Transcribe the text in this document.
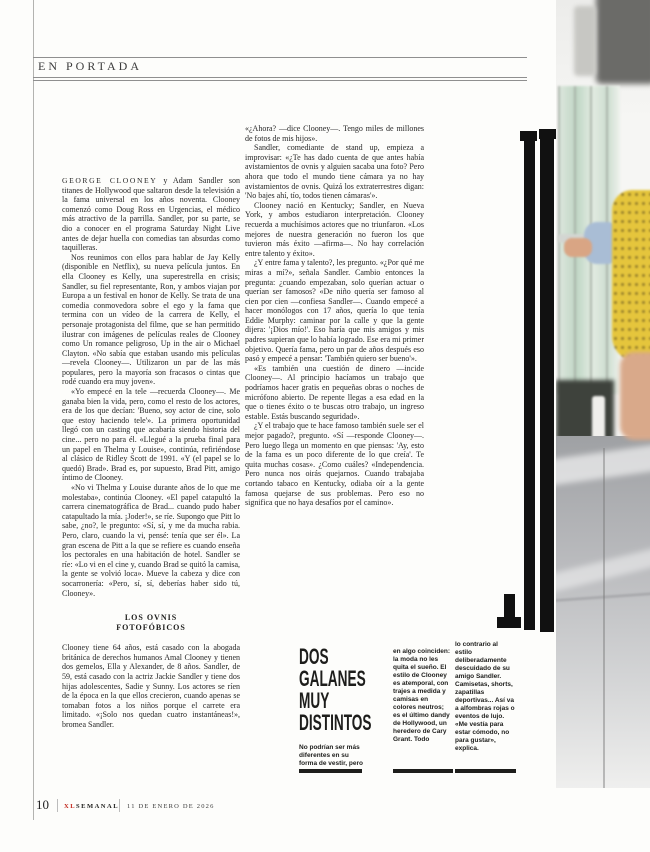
EN PORTADA

GEORGE CLOONEY y Adam Sandler son titanes de Hollywood que saltaron desde la televisión a la fama universal en los años noventa. Clooney comenzó como Doug Ross en Urgencias, el médico más atractivo de la parrilla. Sandler, por su parte, se dio a conocer en el programa Saturday Night Live antes de dejar huella con comedias tan absurdas como taquilleras.

Nos reunimos con ellos para hablar de Jay Kelly (disponible en Netflix), su nueva película juntos. En ella Clooney es Kelly, una superestrella en crisis; Sandler, su fiel representante, Ron, y ambos viajan por Europa a un festival en honor de Kelly. Se trata de una comedia conmovedora sobre el ego y la fama que termina con un vídeo de la carrera de Kelly, el personaje protagonista del filme, que se han permitido ilustrar con imágenes de películas reales de Clooney como Un romance peligroso, Up in the air o Michael Clayton. «No sabía que estaban usando mis películas —revela Clooney—. Utilizaron un par de las más populares, pero la mayoría son fracasos o cintas que rodé cuando era muy joven».

«Yo empecé en la tele —recuerda Clooney—. Me ganaba bien la vida, pero, como el resto de los actores, era de los que decían: 'Bueno, soy actor de cine, solo que estoy haciendo tele'». La primera oportunidad llegó con un casting que acabaría siendo historia del cine... pero no para él. «Llegué a la prueba final para un papel en Thelma y Louise», continúa, refiriéndose al clásico de Ridley Scott de 1991. «Y (el papel se lo quedó) Brad». Brad es, por supuesto, Brad Pitt, amigo íntimo de Clooney.

«No vi Thelma y Louise durante años de lo que me molestaba», continúa Clooney. «El papel catapultó la carrera cinematográfica de Brad... cuando pudo haber catapultado la mía. ¡Joder!», se ríe. Supongo que Pitt lo sabe, ¿no?, le pregunto: «Sí, sí, y me da mucha rabia. Pero, claro, cuando la vi, pensé: tenía que ser él». La gran escena de Pitt a la que se refiere es cuando enseña los pectorales en una habitación de hotel. Sandler se ríe: «Lo vi en el cine y, cuando Brad se quitó la camisa, la gente se volvió loca». Mueve la cabeza y dice con socarronería: «Pero, sí, sí, deberías haber sido tú, Clooney».

LOS OVNIS
FOTOFÓBICOS

Clooney tiene 64 años, está casado con la abogada británica de derechos humanos Amal Clooney y tienen dos gemelos, Ella y Alexander, de 8 años. Sandler, de 59, está casado con la actriz Jackie Sandler y tiene dos hijas adolescentes, Sadie y Sunny. Los actores se ríen de la época en la que ellos crecieron, cuando apenas se tomaban fotos a los niños porque el carrete era limitado. «¡Solo nos quedan cuatro instantáneas!», bromea Sandler.

«¿Ahora? —dice Clooney—. Tengo miles de millones de fotos de mis hijos».

Sandler, comediante de stand up, empieza a improvisar: «¿Te has dado cuenta de que antes había avistamientos de ovnis y alguien sacaba una foto? Pero ahora que todo el mundo tiene cámara ya no hay avistamientos de ovnis. Quizá los extraterrestres digan: 'No bajes ahí, tío, todos tienen cámaras'».

Clooney nació en Kentucky; Sandler, en Nueva York, y ambos estudiaron interpretación. Clooney recuerda a muchísimos actores que no triunfaron. «Los mejores de nuestra generación no fueron los que tuvieron más éxito —afirma—. No hay correlación entre talento y éxito».

¿Y entre fama y talento?, les pregunto. «¿Por qué me miras a mí?», señala Sandler. Cambio entonces la pregunta: ¿cuando empezaban, solo querían actuar o querían ser famosos? «De niño quería ser famoso al cien por cien —confiesa Sandler—. Cuando empecé a hacer monólogos con 17 años, quería lo que tenía Eddie Murphy: caminar por la calle y que la gente dijera: '¡Dios mío!'. Eso haría que mis amigos y mis padres supieran que lo había logrado. Ese era mi primer objetivo. Quería fama, pero un par de años después eso pasó y empecé a pensar: 'También quiero ser bueno'».

«Es también una cuestión de dinero —incide Clooney—. Al principio hacíamos un trabajo que podríamos hacer gratis en pequeñas obras o noches de micrófono abierto. De repente llegas a esa edad en la que o tienes éxito o te buscas otro trabajo, un ingreso estable. Estás buscando seguridad».

¿Y el trabajo que te hace famoso también suele ser el mejor pagado?, pregunto. «Sí —responde Clooney—. Pero luego llega un momento en que piensas: 'Ay, esto de la fama es un poco diferente de lo que creía'. Te quita muchas cosas». ¿Como cuáles? «Independencia. Pero nunca nos oirás quejarnos. Cuando trabajaba cortando tabaco en Kentucky, odiaba oír a la gente famosa quejarse de sus problemas. Pero eso no significa que no haya desafíos por el camino».

DOS
GALANES
MUY
DISTINTOS
No podrían ser más diferentes en su forma de vestir, pero
en algo coinciden: la moda no les quita el sueño. El estilo de Clooney es atemporal, con trajes a medida y camisas en colores neutros; es el último dandy de Hollywood, un heredero de Cary Grant. Todo
lo contrario al estilo deliberadamente descuidado de su amigo Sandler. Camisetas, shorts, zapatillas deportivas... Así va a alfombras rojas o eventos de lujo. «Me vestía para estar cómodo, no para gustar», explica.
10 XLSEMANAL 11 DE ENERO DE 2026
